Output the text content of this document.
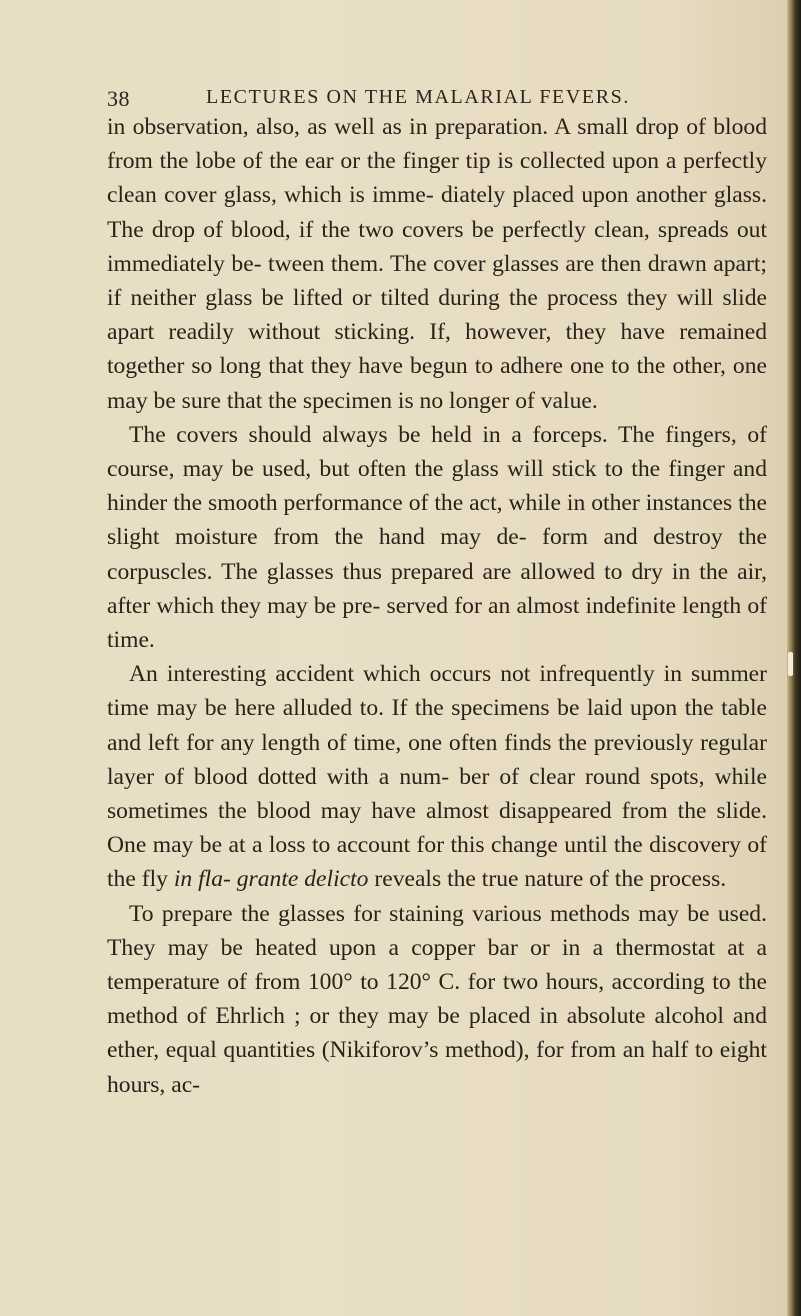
38	LECTURES ON THE MALARIAL FEVERS.

in observation, also, as well as in preparation. A small drop of blood from the lobe of the ear or the finger tip is collected upon a perfectly clean cover glass, which is imme- diately placed upon another glass. The drop of blood, if the two covers be perfectly clean, spreads out immediately be- tween them. The cover glasses are then drawn apart; if neither glass be lifted or tilted during the process they will slide apart readily without sticking. If, however, they have remained together so long that they have begun to adhere one to the other, one may be sure that the specimen is no longer of value.

The covers should always be held in a forceps. The fingers, of course, may be used, but often the glass will stick to the finger and hinder the smooth performance of the act, while in other instances the slight moisture from the hand may de- form and destroy the corpuscles. The glasses thus prepared are allowed to dry in the air, after which they may be pre- served for an almost indefinite length of time.

An interesting accident which occurs not infrequently in summer time may be here alluded to. If the specimens be laid upon the table and left for any length of time, one often finds the previously regular layer of blood dotted with a num- ber of clear round spots, while sometimes the blood may have almost disappeared from the slide. One may be at a loss to account for this change until the discovery of the fly in fla- grante delicto reveals the true nature of the process.

To prepare the glasses for staining various methods may be used. They may be heated upon a copper bar or in a thermostat at a temperature of from 100° to 120° C. for two hours, according to the method of Ehrlich ; or they may be placed in absolute alcohol and ether, equal quantities (Nikiforov’s method), for from an half to eight hours, ac-
